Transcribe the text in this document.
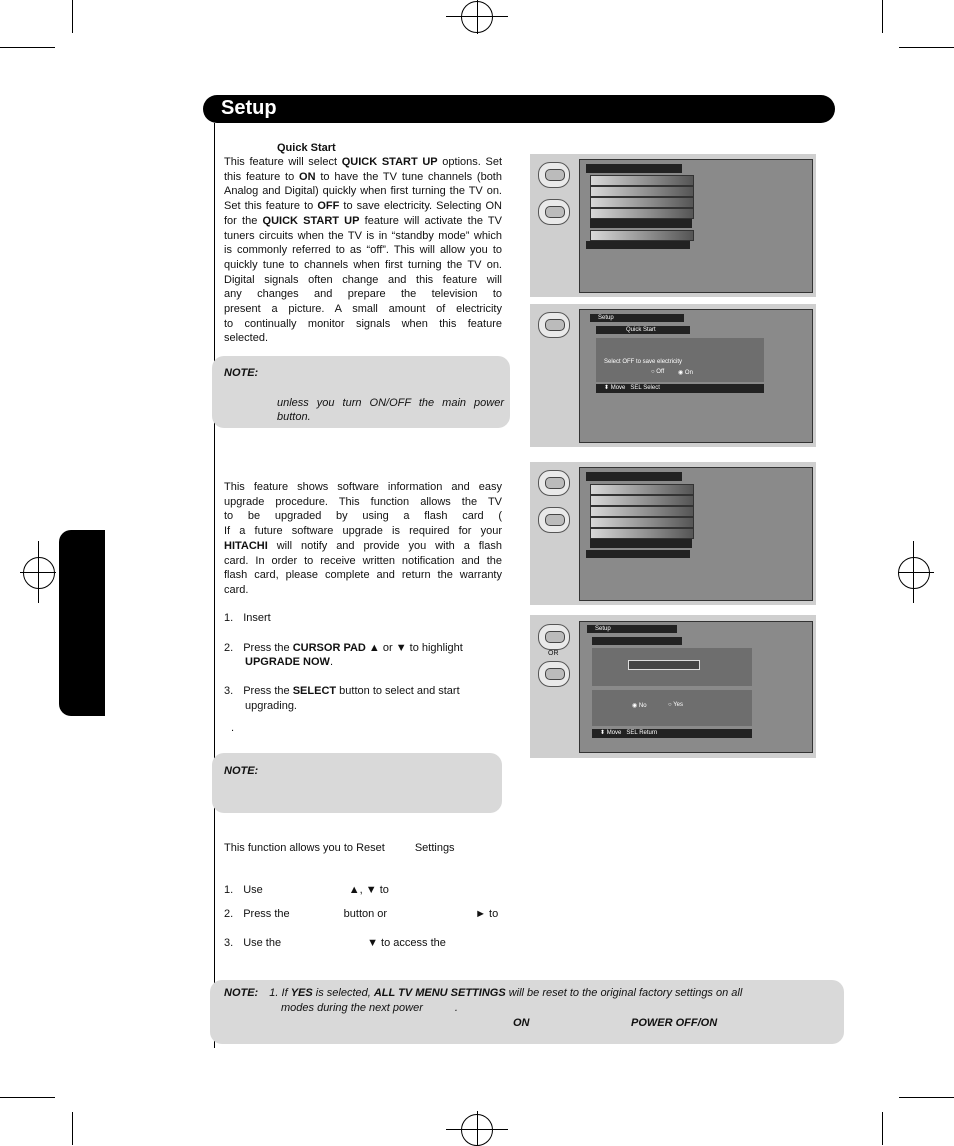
Setup
Quick Start
This feature will select QUICK START UP options. Set
this feature to ON to have the TV tune channels (both
Analog and Digital) quickly when first turning the TV on.
Set this feature to OFF to save electricity. Selecting ON
for the QUICK START UP feature will activate the TV
tuners circuits when the TV is in “standby mode” which
is commonly referred to as “off”. This will allow you to
quickly tune to channels when first turning the TV on.
Digital signals often change and this feature will
any changes and prepare the television to
present a picture. A small amount of electricity
to continually monitor signals when this feature
selected.
NOTE:
unless you turn ON/OFF the main power
button.
This feature shows software information and easy
upgrade procedure. This function allows the TV
to be upgraded by using a flash card (
If a future software upgrade is required for your
HITACHI will notify and provide you with a flash
card. In order to receive written notification and the
flash card, please complete and return the warranty
card.
1. Insert
2. Press the CURSOR PAD ▲ or ▼ to highlight
UPGRADE NOW.
3. Press the SELECT button to select and start
upgrading.
.
NOTE:
This function allows you to Reset	Settings
1. Use	▲, ▼ to
2. Press the	button or	► to
3. Use the	▼ to access the
NOTE: 1. If YES is selected, ALL TV MENU SETTINGS will be reset to the original factory settings on all
modes during the next power	.
ON	POWER OFF/ON
Setup
Quick Start
Select OFF to save electricity
○ Off ◉ On
⬍ Move SEL Select
OR
Setup
◉ No	○ Yes
⬍ Move SEL Return
